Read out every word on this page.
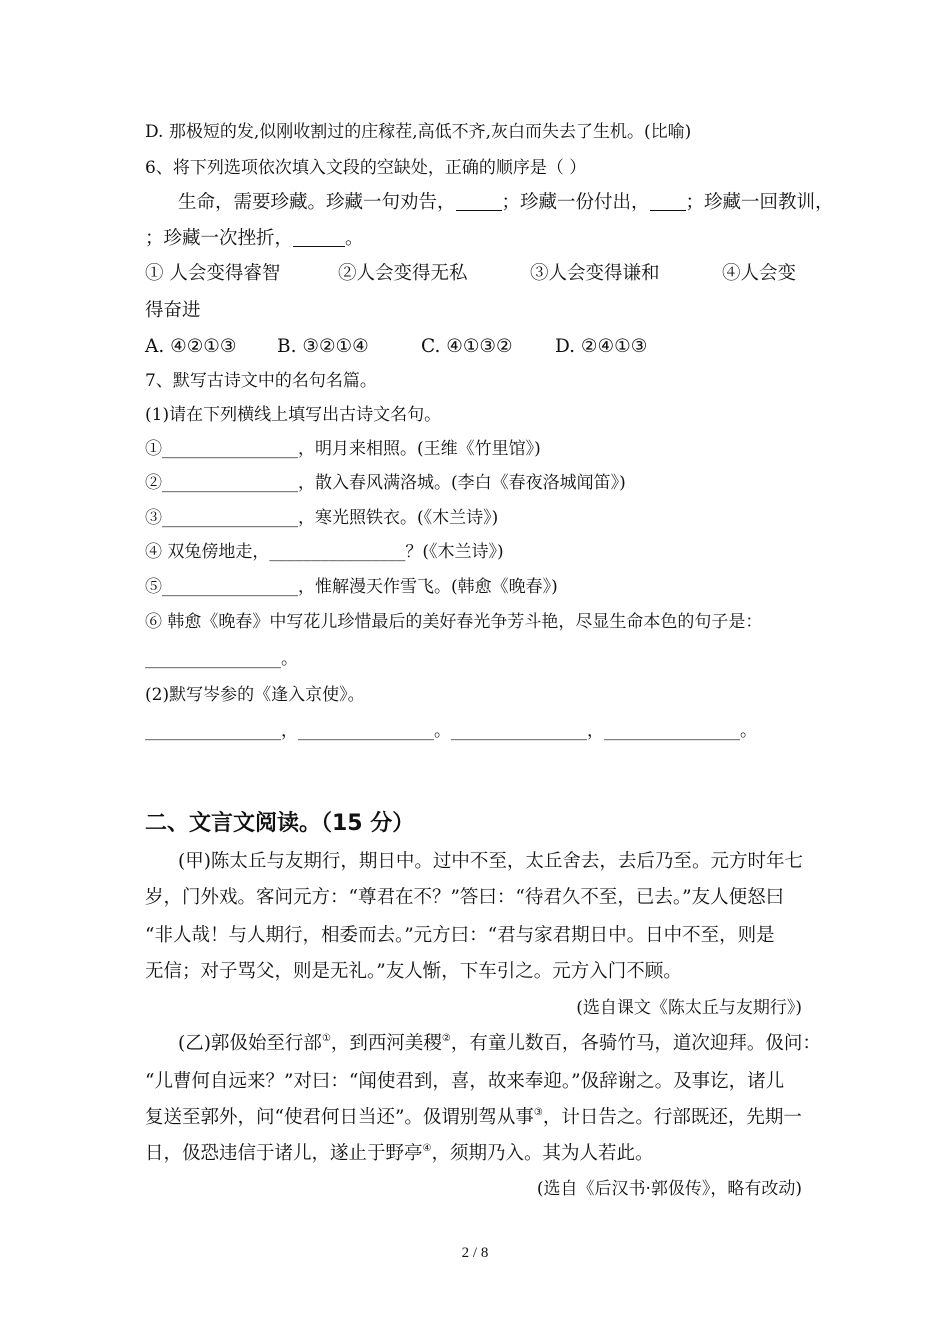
D. 那极短的发,似刚收割过的庄稼茬,高低不齐,灰白而失去了生机。(比喻)
6、将下列选项依次填入文段的空缺处，正确的顺序是（ ）
生命，需要珍藏。珍藏一句劝告， ；珍藏一份付出， ；珍藏一回教训，
；珍藏一次挫折，	。
① 人会变得睿智	②人会变得无私	③人会变得谦和	④人会变
得奋进
A. ④②①③ B. ③②①④	C. ④①③② D. ②④①③
7、默写古诗文中的名句名篇。
(1)请在下列横线上填写出古诗文名句。
①________________，明月来相照。(王维《竹里馆》)
②________________，散入春风满洛城。(李白《春夜洛城闻笛》)
③________________，寒光照铁衣。(《木兰诗》)
④ 双兔傍地走，________________？(《木兰诗》)
⑤________________，惟解漫天作雪飞。(韩愈《晚春》)
⑥ 韩愈《晚春》中写花儿珍惜最后的美好春光争芳斗艳，尽显生命本色的句子是：
________________。
(2)默写岑参的《逢入京使》。
________________，________________。________________，________________。
二、文言文阅读。（15 分）
(甲)陈太丘与友期行，期日中。过中不至，太丘舍去，去后乃至。元方时年七
岁，门外戏。客问元方：“尊君在不？”答曰：“待君久不至，已去。”友人便怒曰
“非人哉！与人期行，相委而去。”元方曰：“君与家君期日中。日中不至，则是
无信；对子骂父，则是无礼。”友人惭，下车引之。元方入门不顾。
(选自课文《陈太丘与友期行》)
(乙)郭伋始至行部①，到西河美稷②，有童儿数百，各骑竹马，道次迎拜。伋问：
“儿曹何自远来？”对曰：“闻使君到，喜，故来奉迎。”伋辞谢之。及事讫，诸儿
复送至郭外，问“使君何日当还”。伋谓别驾从事③，计日告之。行部既还，先期一
日，伋恐违信于诸儿，遂止于野亭④，须期乃入。其为人若此。
(选自《后汉书·郭伋传》，略有改动)
2 / 8
